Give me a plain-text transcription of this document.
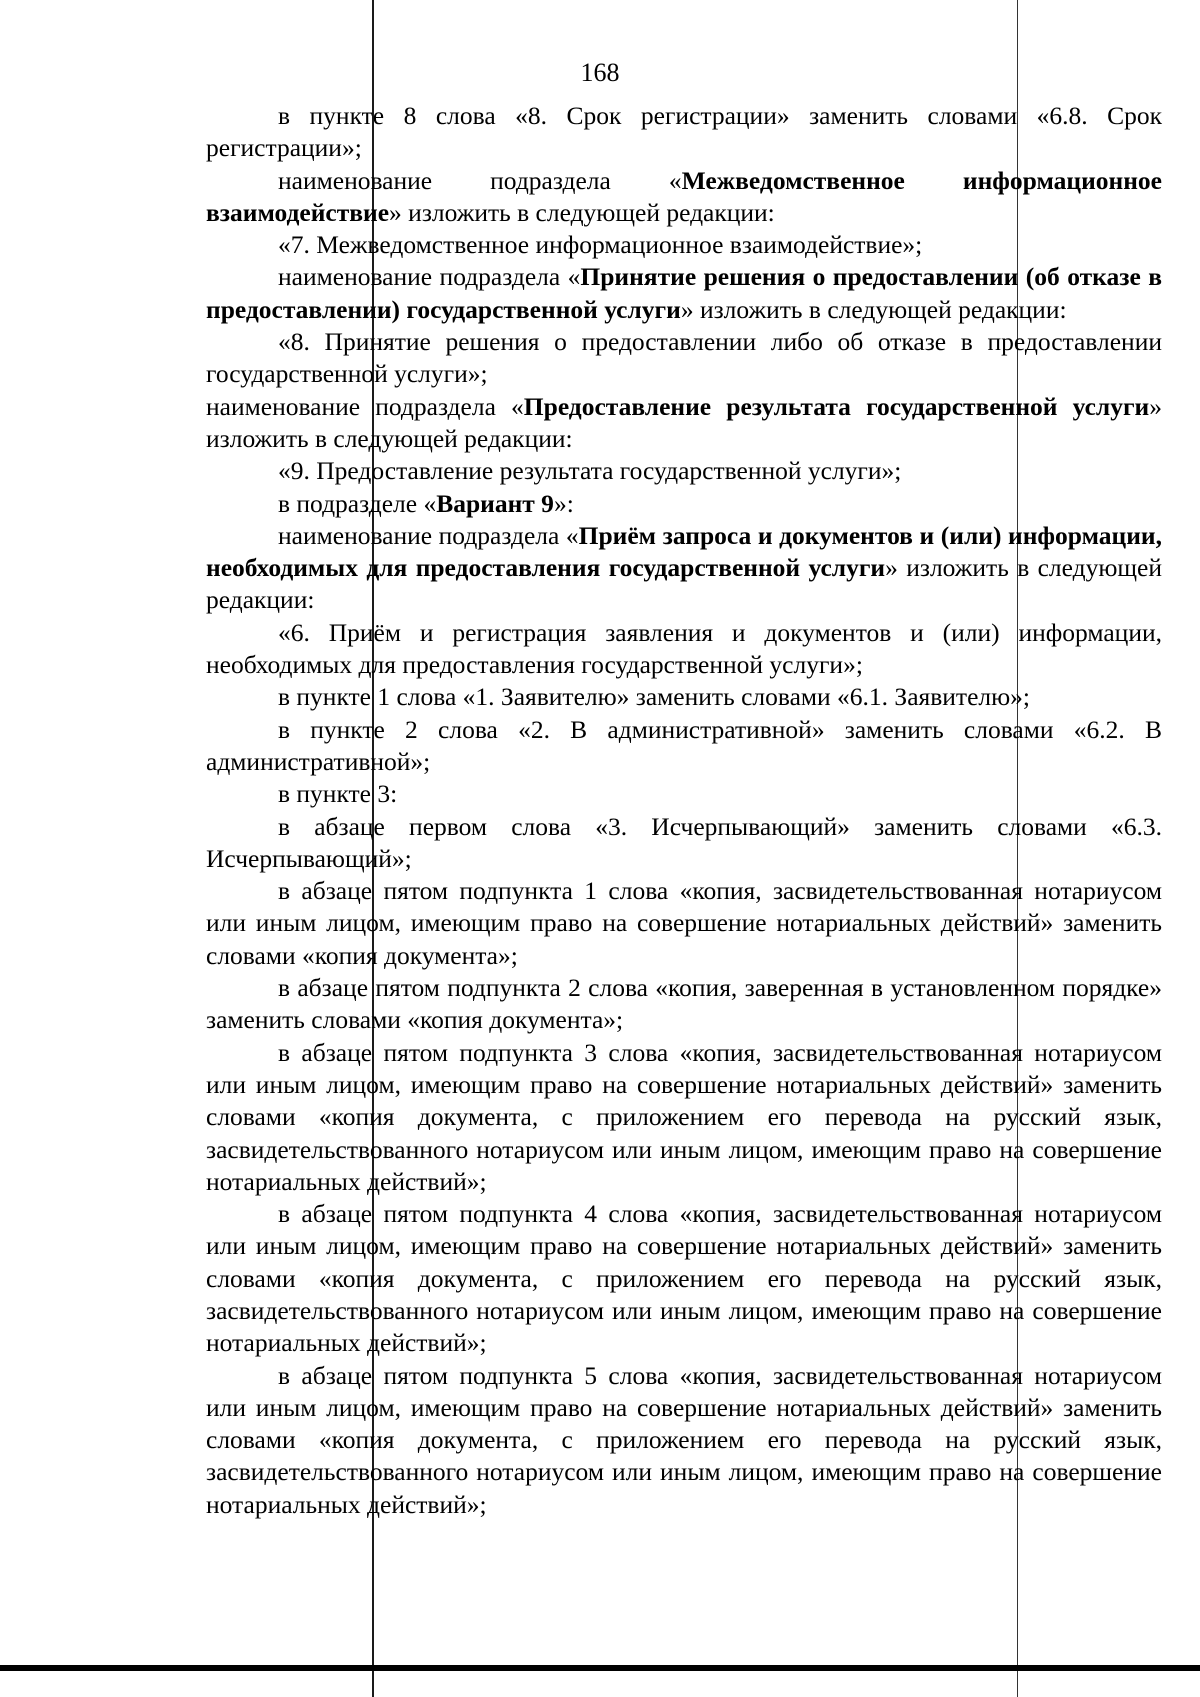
168

в пункте 8 слова «8. Срок регистрации» заменить словами «6.8. Срок регистрации»;

наименование подраздела «Межведомственное информационное взаимодействие» изложить в следующей редакции:

«7. Межведомственное информационное взаимодействие»;

наименование подраздела «Принятие решения о предоставлении (об отказе в предоставлении) государственной услуги» изложить в следующей редакции:

«8. Принятие решения о предоставлении либо об отказе в предоставлении государственной услуги»;

наименование подраздела «Предоставление результата государственной услуги» изложить в следующей редакции:

«9. Предоставление результата государственной услуги»;

в подразделе «Вариант 9»:

наименование подраздела «Приём запроса и документов и (или) информации, необходимых для предоставления государственной услуги» изложить в следующей редакции:

«6. Приём и регистрация заявления и документов и (или) информации, необходимых для предоставления государственной услуги»;

в пункте 1 слова «1. Заявителю» заменить словами «6.1. Заявителю»;

в пункте 2 слова «2. В административной» заменить словами «6.2. В административной»;

в пункте 3:

в абзаце первом слова «3. Исчерпывающий» заменить словами «6.3. Исчерпывающий»;

в абзаце пятом подпункта 1 слова «копия, засвидетельствованная нотариусом или иным лицом, имеющим право на совершение нотариальных действий» заменить словами «копия документа»;

в абзаце пятом подпункта 2 слова «копия, заверенная в установленном порядке» заменить словами «копия документа»;

в абзаце пятом подпункта 3 слова «копия, засвидетельствованная нотариусом или иным лицом, имеющим право на совершение нотариальных действий» заменить словами «копия документа, с приложением его перевода на русский язык, засвидетельствованного нотариусом или иным лицом, имеющим право на совершение нотариальных действий»;

в абзаце пятом подпункта 4 слова «копия, засвидетельствованная нотариусом или иным лицом, имеющим право на совершение нотариальных действий» заменить словами «копия документа, с приложением его перевода на русский язык, засвидетельствованного нотариусом или иным лицом, имеющим право на совершение нотариальных действий»;

в абзаце пятом подпункта 5 слова «копия, засвидетельствованная нотариусом или иным лицом, имеющим право на совершение нотариальных действий» заменить словами «копия документа, с приложением его перевода на русский язык, засвидетельствованного нотариусом или иным лицом, имеющим право на совершение нотариальных действий»;
